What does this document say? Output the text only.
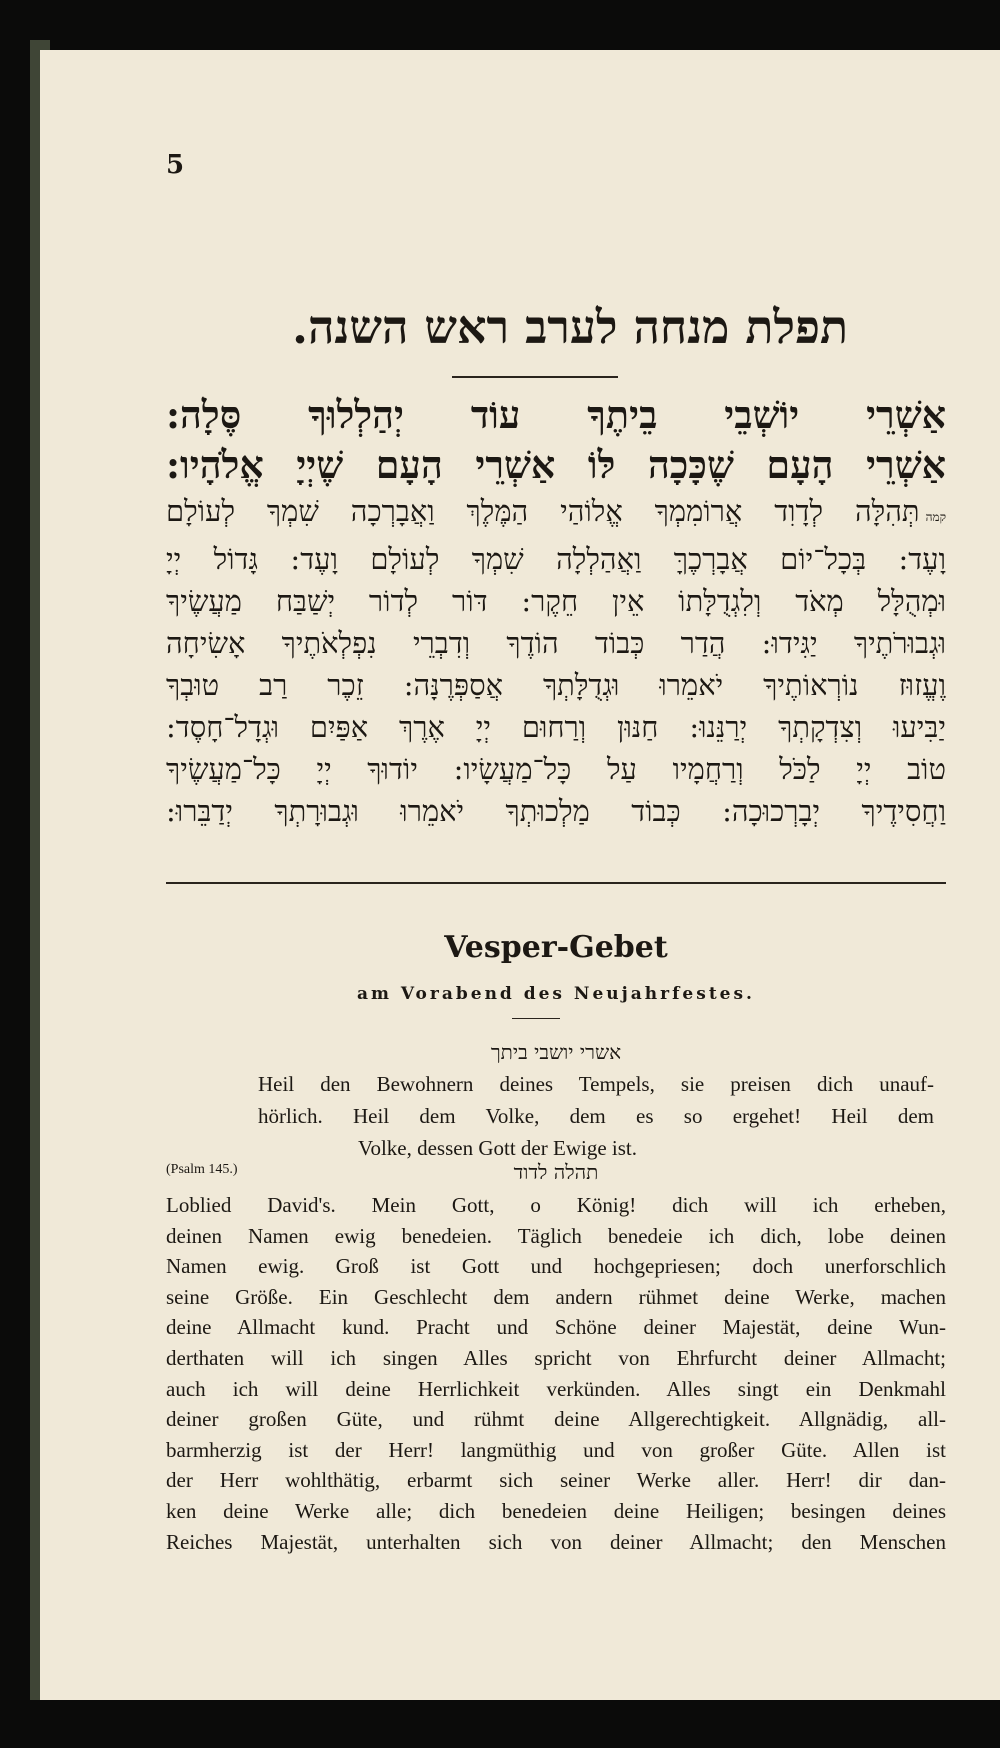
5
תפלת מנחה לערב ראש השנה.
אַשְׁרֵי יוֹשְׁבֵי בֵיתֶךָ עוֹד יְהַלְלוּךָ סֶּלָה:
אַשְׁרֵי הָעָם שֶׁכָּכָה לּוֹ אַשְׁרֵי הָעָם שֶׁיְיָ אֱלֹהָיו:
קמה
תְּהִלָּה לְדָוִד אֲרוֹמִמְךָ אֱלוֹהַי הַמֶּלֶךְ וַאֲבָרְכָה שִׁמְךָ לְעוֹלָם
וָעֶד: בְּכָל־יוֹם אֲבָרְכֶךָּ וַאֲהַלְלָה שִׁמְךָ לְעוֹלָם וָעֶד: גָּדוֹל יְיָ
וּמְהֻלָּל מְאֹד וְלִגְדֻלָּתוֹ אֵין חֵקֶר: דּוֹר לְדוֹר יְשַׁבַּח מַעֲשֶׂיךָ
וּגְבוּרֹתֶיךָ יַגִּידוּ: הֲדַר כְּבוֹד הוֹדֶךָ וְדִבְרֵי נִפְלְאֹתֶיךָ אָשִׂיחָה
וֶעֱזוּז נוֹרְאוֹתֶיךָ יֹאמֵרוּ וּגְדֻלָּתְךָ אֲסַפְּרֶנָּה: זֵכֶר רַב טוּבְךָ
יַבִּיעוּ וְצִדְקָתְךָ יְרַנֵּנוּ: חַנּוּן וְרַחוּם יְיָ אֶרֶךְ אַפַּיִם וּגְדָל־חָסֶד:
טוֹב יְיָ לַכֹּל וְרַחֲמָיו עַל כָּל־מַעֲשָׂיו: יוֹדוּךָ יְיָ כָּל־מַעֲשֶׂיךָ
וַחֲסִידֶיךָ יְבָרְכוּכָה: כְּבוֹד מַלְכוּתְךָ יֹאמֵרוּ וּגְבוּרָתְךָ יְדַבֵּרוּ:
Vesper-Gebet
am Vorabend des Neujahrfestes.
אשרי יושבי ביתך
Heil den Bewohnern deines Tempels, sie preisen dich unauf-
hörlich. Heil dem Volke, dem es so ergehet! Heil dem
Volke, dessen Gott der Ewige ist.
(Psalm 145.)	תהלה לדוד
Loblied David's. Mein Gott, o König! dich will ich erheben,
deinen Namen ewig benedeien. Täglich benedeie ich dich, lobe deinen
Namen ewig. Groß ist Gott und hochgepriesen; doch unerforschlich
seine Größe. Ein Geschlecht dem andern rühmet deine Werke, machen
deine Allmacht kund. Pracht und Schöne deiner Majestät, deine Wun-
derthaten will ich singen Alles spricht von Ehrfurcht deiner Allmacht;
auch ich will deine Herrlichkeit verkünden. Alles singt ein Denkmahl
deiner großen Güte, und rühmt deine Allgerechtigkeit. Allgnädig, all-
barmherzig ist der Herr! langmüthig und von großer Güte. Allen ist
der Herr wohlthätig, erbarmt sich seiner Werke aller. Herr! dir dan-
ken deine Werke alle; dich benedeien deine Heiligen; besingen deines
Reiches Majestät, unterhalten sich von deiner Allmacht; den Menschen
